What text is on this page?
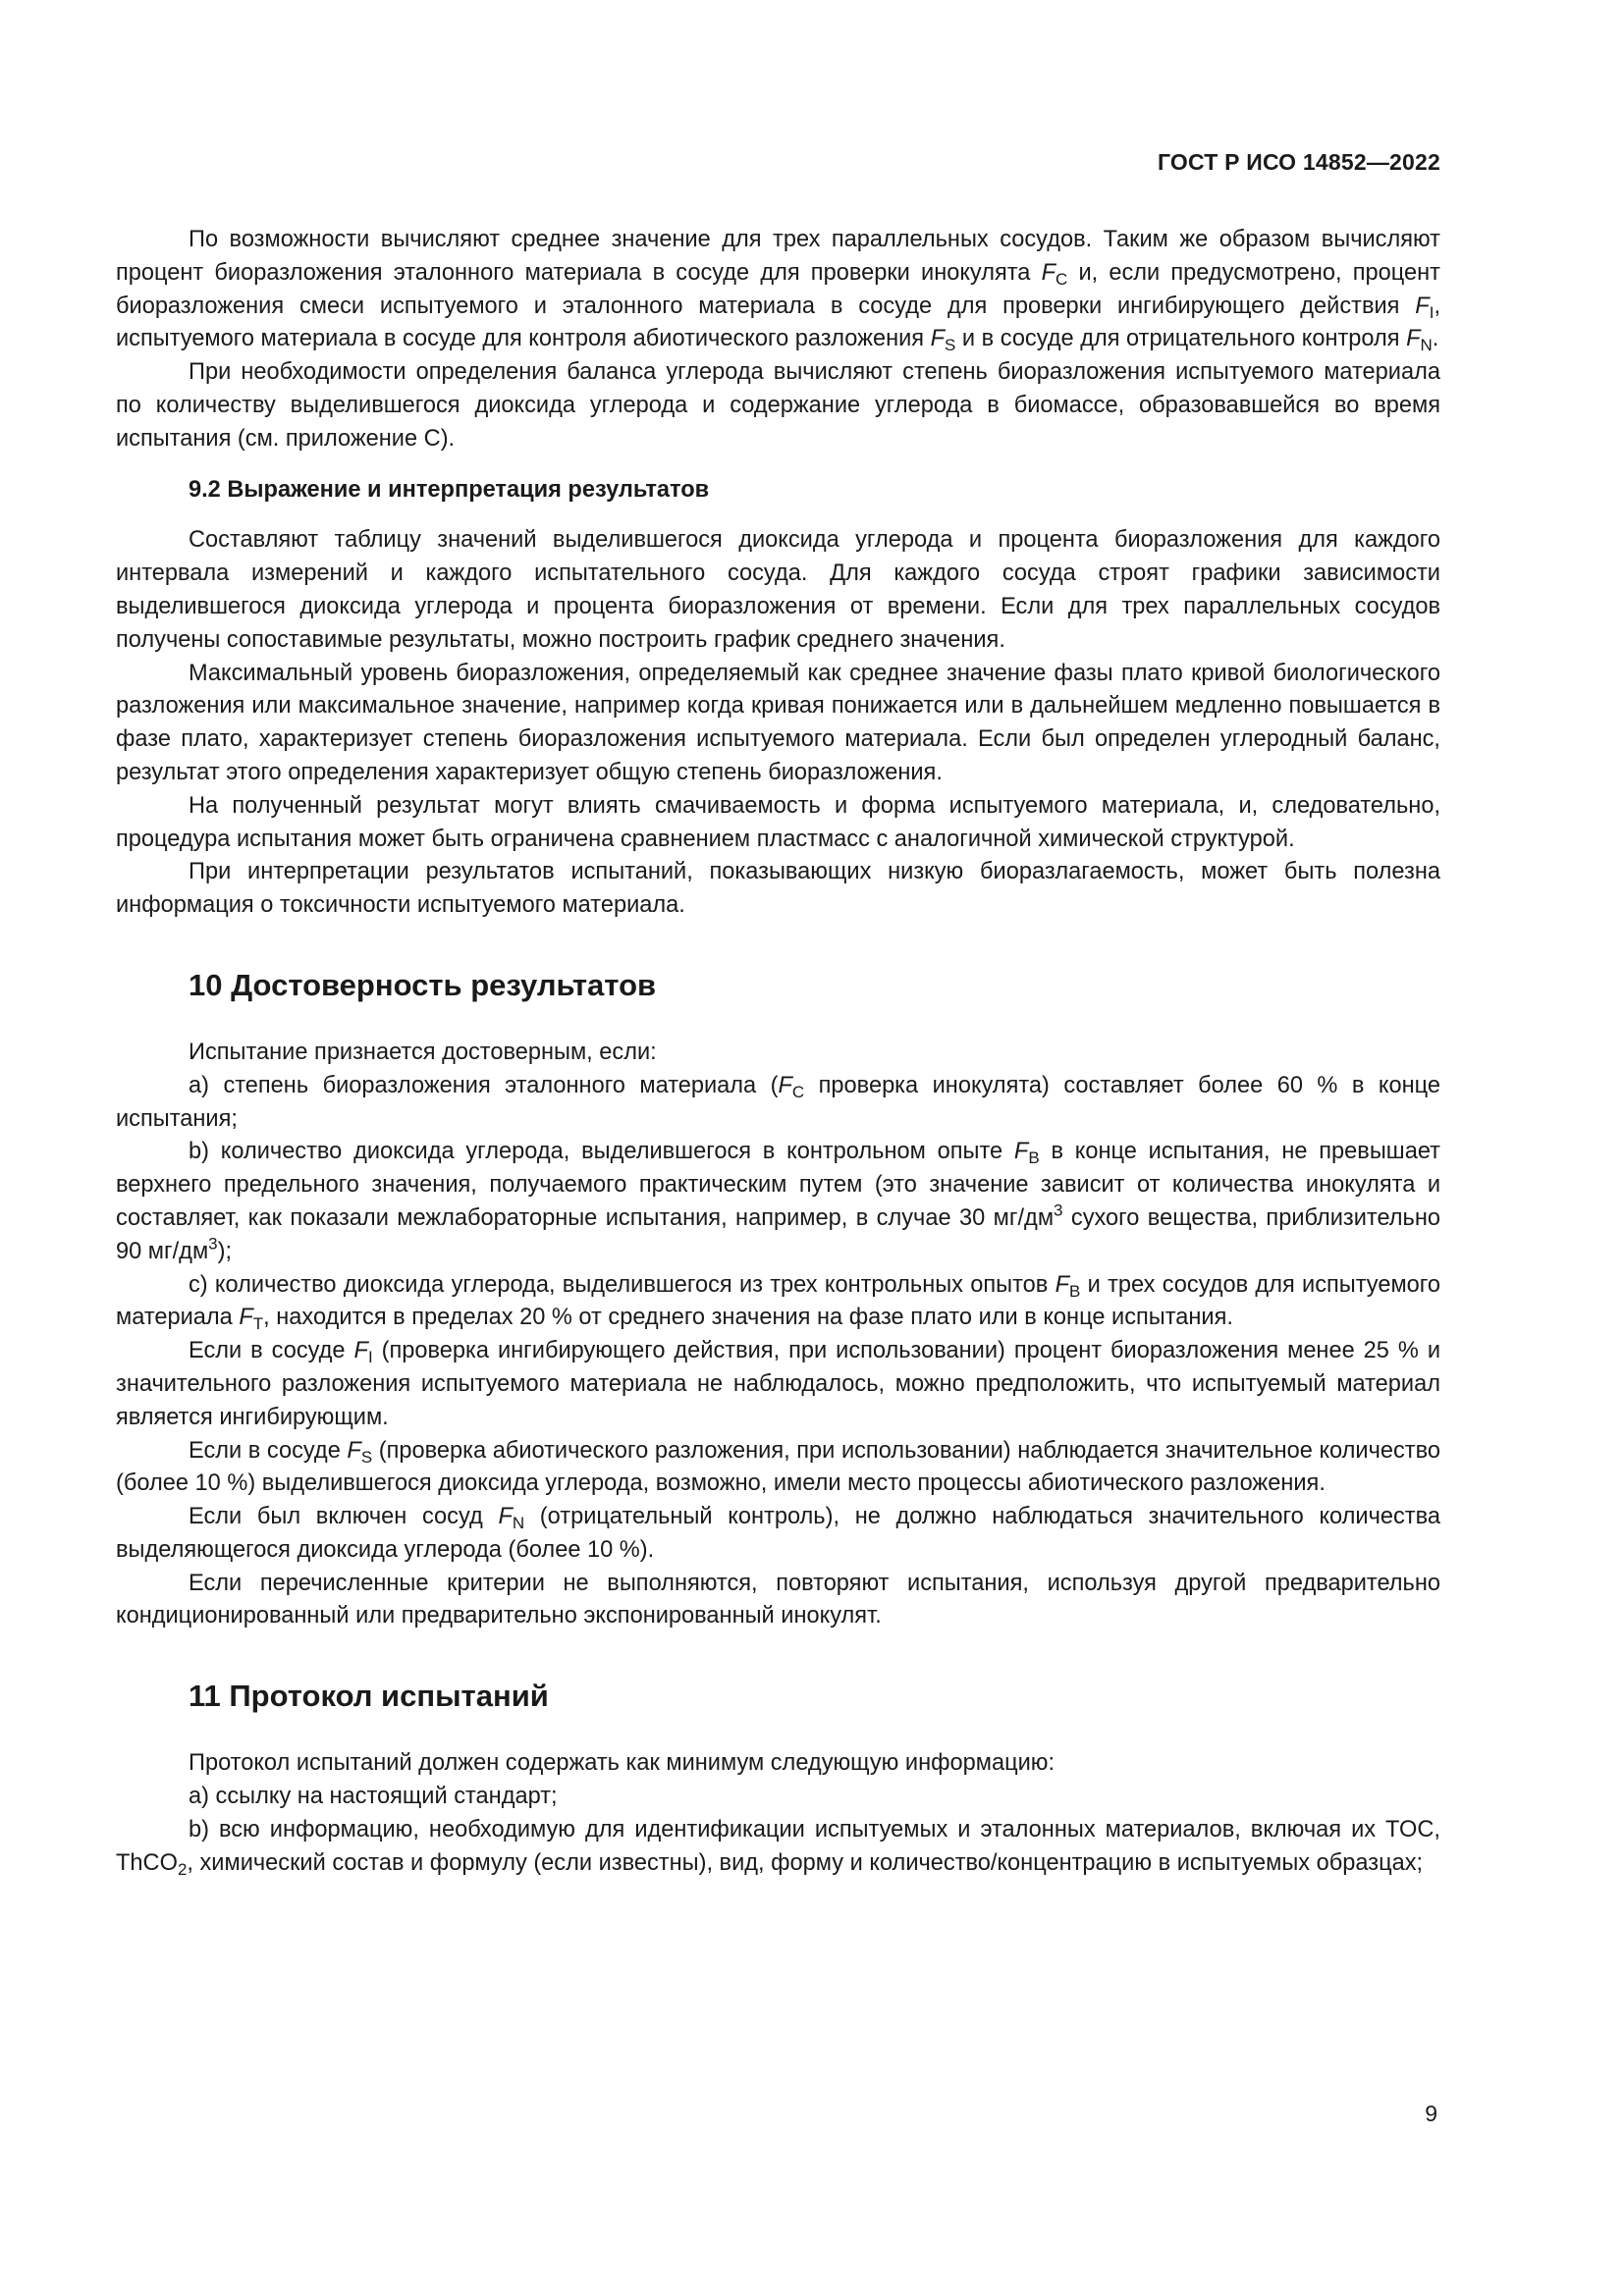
ГОСТ Р ИСО 14852—2022

По возможности вычисляют среднее значение для трех параллельных сосудов. Таким же образом вычисляют процент биоразложения эталонного материала в сосуде для проверки инокулята $F_C$ и, если предусмотрено, процент биоразложения смеси испытуемого и эталонного материала в сосуде для проверки ингибирующего действия $F_I$, испытуемого материала в сосуде для контроля абиотического разложения $F_S$ и в сосуде для отрицательного контроля $F_N$.

При необходимости определения баланса углерода вычисляют степень биоразложения испытуемого материала по количеству выделившегося диоксида углерода и содержание углерода в биомассе, образовавшейся во время испытания (см. приложение С).

9.2 Выражение и интерпретация результатов

Составляют таблицу значений выделившегося диоксида углерода и процента биоразложения для каждого интервала измерений и каждого испытательного сосуда. Для каждого сосуда строят графики зависимости выделившегося диоксида углерода и процента биоразложения от времени. Если для трех параллельных сосудов получены сопоставимые результаты, можно построить график среднего значения.

Максимальный уровень биоразложения, определяемый как среднее значение фазы плато кривой биологического разложения или максимальное значение, например когда кривая понижается или в дальнейшем медленно повышается в фазе плато, характеризует степень биоразложения испытуемого материала. Если был определен углеродный баланс, результат этого определения характеризует общую степень биоразложения.

На полученный результат могут влиять смачиваемость и форма испытуемого материала, и, следовательно, процедура испытания может быть ограничена сравнением пластмасс с аналогичной химической структурой.

При интерпретации результатов испытаний, показывающих низкую биоразлагаемость, может быть полезна информация о токсичности испытуемого материала.

10 Достоверность результатов

Испытание признается достоверным, если:

a) степень биоразложения эталонного материала ($F_C$ проверка инокулята) составляет более 60 % в конце испытания;

b) количество диоксида углерода, выделившегося в контрольном опыте $F_B$ в конце испытания, не превышает верхнего предельного значения, получаемого практическим путем (это значение зависит от количества инокулята и составляет, как показали межлабораторные испытания, например, в случае 30 $мг/дм^3$ сухого вещества, приблизительно 90 $мг/дм^3$);

c) количество диоксида углерода, выделившегося из трех контрольных опытов $F_B$ и трех сосудов для испытуемого материала $F_T$, находится в пределах 20 % от среднего значения на фазе плато или в конце испытания.

Если в сосуде $F_I$ (проверка ингибирующего действия, при использовании) процент биоразложения менее 25 % и значительного разложения испытуемого материала не наблюдалось, можно предположить, что испытуемый материал является ингибирующим.

Если в сосуде $F_S$ (проверка абиотического разложения, при использовании) наблюдается значительное количество (более 10 %) выделившегося диоксида углерода, возможно, имели место процессы абиотического разложения.

Если был включен сосуд $F_N$ (отрицательный контроль), не должно наблюдаться значительного количества выделяющегося диоксида углерода (более 10 %).

Если перечисленные критерии не выполняются, повторяют испытания, используя другой предварительно кондиционированный или предварительно экспонированный инокулят.

11 Протокол испытаний

Протокол испытаний должен содержать как минимум следующую информацию:

a) ссылку на настоящий стандарт;

b) всю информацию, необходимую для идентификации испытуемых и эталонных материалов, включая их TOC, ThCO$_2$, химический состав и формулу (если известны), вид, форму и количество/концентрацию в испытуемых образцах;

9
